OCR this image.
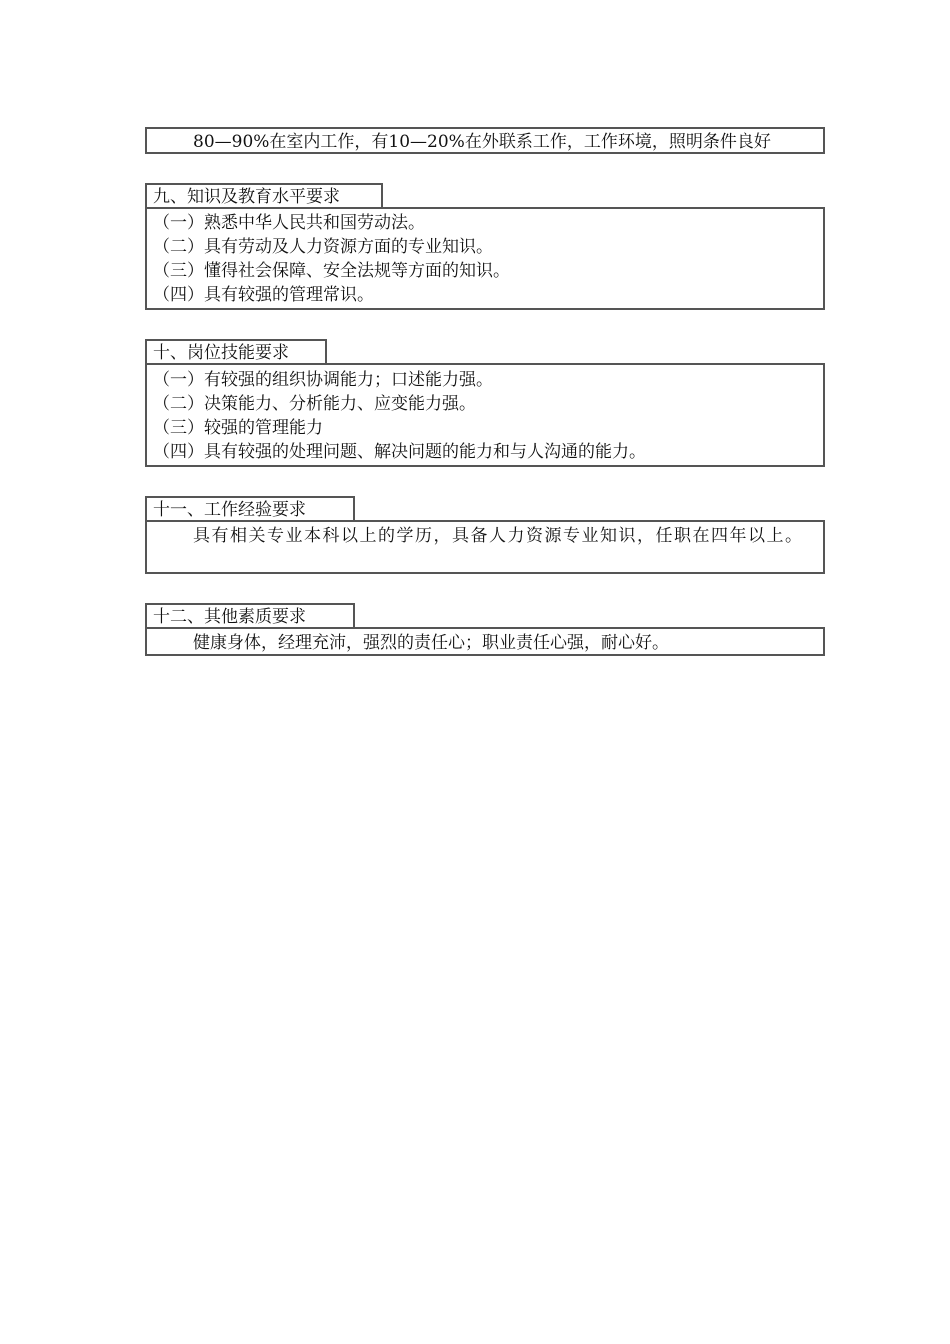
80—90%在室内工作，有10—20%在外联系工作，工作环境，照明条件良好
九、知识及教育水平要求
（一）熟悉中华人民共和国劳动法。
（二）具有劳动及人力资源方面的专业知识。
（三）懂得社会保障、安全法规等方面的知识。
（四）具有较强的管理常识。
十、岗位技能要求
（一）有较强的组织协调能力；口述能力强。
（二）决策能力、分析能力、应变能力强。
（三）较强的管理能力
（四）具有较强的处理问题、解决问题的能力和与人沟通的能力。
十一、工作经验要求
具有相关专业本科以上的学历，具备人力资源专业知识，任职在四年以上。
十二、其他素质要求
健康身体，经理充沛，强烈的责任心；职业责任心强，耐心好。
